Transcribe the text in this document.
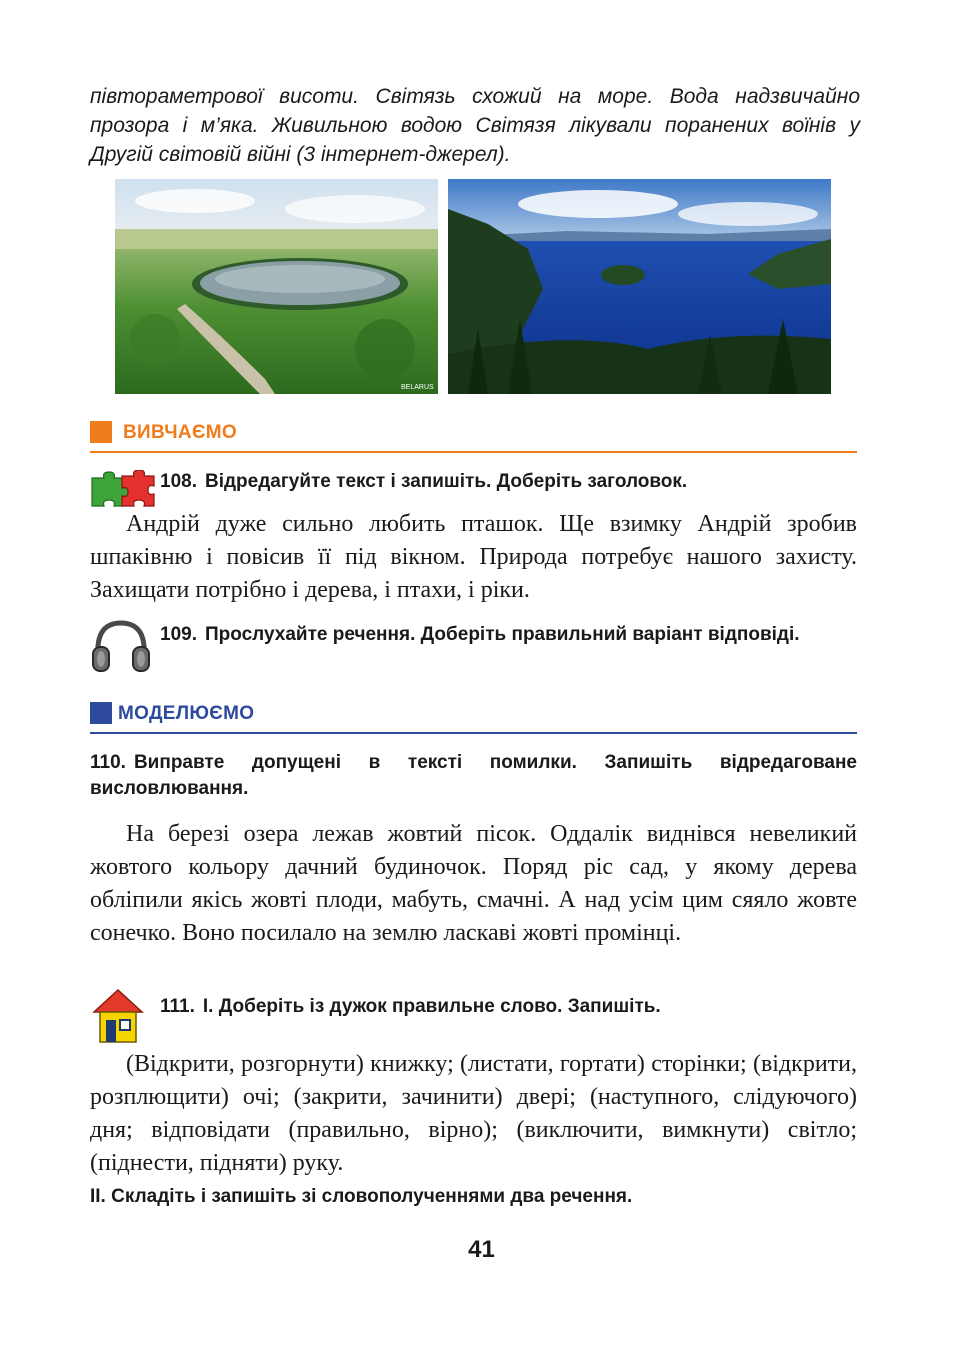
півтораметрової висоти. Світязь схожий на море. Вода надзвичайно прозора і м’яка. Живильною водою Світязя лікували поранених воїнів у Другій світовій війні (3 інтернет-джерел).
BELARUS
ВИВЧАЄМО
108. Відредагуйте текст і запишіть. Доберіть заголовок.

Андрій дуже сильно любить пташок. Ще взимку Андрій зробив шпаківню і повісив її під вікном. Природа потребує нашого захисту. Захищати потрібно і дерева, і птахи, і ріки.

109. Прослухайте речення. Доберіть правильний варіант відповіді.
МОДЕЛЮЄМО
110. Виправте допущені в тексті помилки. Запишіть відредаговане висловлювання.

На березі озера лежав жовтий пісок. Оддалік виднівся невеликий жовтого кольору дачний будиночок. Поряд ріс сад, у якому дерева обліпили якісь жовті плоди, мабуть, смачні. А над усім цим сяяло жовте сонечко. Воно посилало на землю ласкаві жовті промінці.

111. І. Доберіть із дужок правильне слово. Запишіть.

(Відкрити, розгорнути) книжку; (листати, гортати) сторінки; (відкрити, розплющити) очі; (закрити, зачинити) двері; (наступного, слідуючого) дня; відповідати (правильно, вірно); (виключити, вимкнути) світло; (піднести, підняти) руку.

ІІ. Складіть і запишіть зі словополученнями два речення.
41
